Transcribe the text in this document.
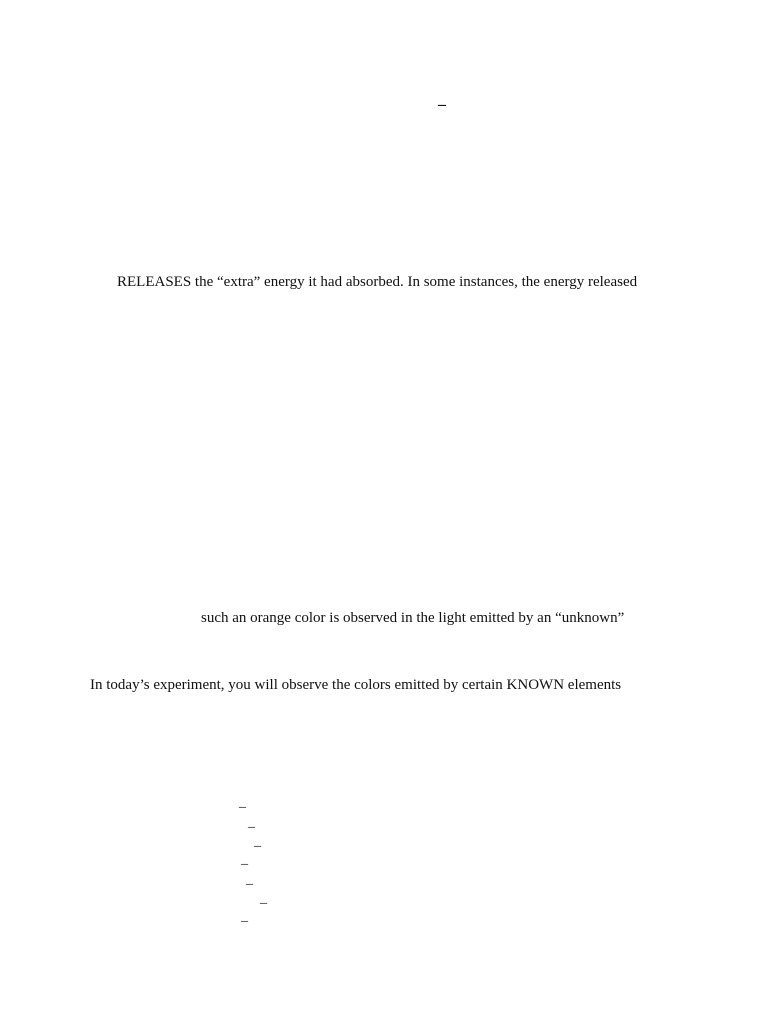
–
RELEASES the “extra” energy it had absorbed. In some instances, the energy released
such an orange color is observed in the light emitted by an “unknown”
In today’s experiment, you will observe the colors emitted by certain KNOWN elements
_
_
_
_
_
_
_
